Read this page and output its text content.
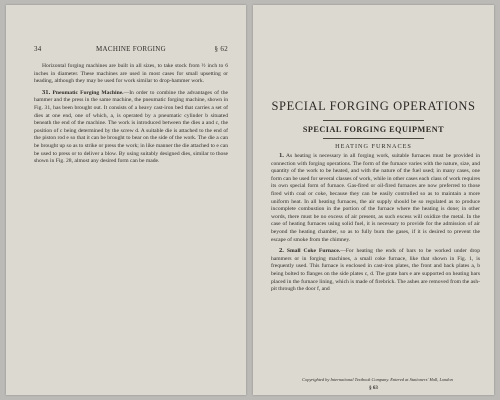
34	MACHINE FORGING	§ 62

Horizontal forging machines are built in all sizes, to take stock from ½ inch to 6 inches in diameter. These machines are used in most cases for small upsetting or heading, although they may be used for work similar to drop-hammer work.

31. Pneumatic Forging Machine.—In order to combine the advantages of the hammer and the press in the same machine, the pneumatic forging machine, shown in Fig. 31, has been brought out. It consists of a heavy cast-iron bed that carries a set of dies at one end, one of which, a, is operated by a pneumatic cylinder b situated beneath the end of the machine. The work is introduced between the dies a and c, the position of c being determined by the screw d. A suitable die is attached to the end of the piston rod e so that it can be brought to bear on the side of the work. The die a can be brought up so as to strike or press the work; in like manner the die attached to e can be used to press or to deliver a blow. By using suitably designed dies, similar to those shown in Fig. 28, almost any desired form can be made.

SPECIAL FORGING OPERATIONS
SPECIAL FORGING EQUIPMENT
HEATING FURNACES

1. As heating is necessary in all forging work, suitable furnaces must be provided in connection with forging operations. The form of the furnace varies with the nature, size, and quantity of the work to be heated, and with the nature of the fuel used; in many cases, one form can be used for several classes of work, while in other cases each class of work requires its own special form of furnace. Gas-fired or oil-fired furnaces are now preferred to those fired with coal or coke, because they can be easily controlled so as to maintain a more uniform heat. In all heating furnaces, the air supply should be so regulated as to produce incomplete combustion in the portion of the furnace where the heating is done; in other words, there must be no excess of air present, as such excess will oxidize the metal. In the case of heating furnaces using solid fuel, it is necessary to provide for the admission of air beyond the heating chamber, so as to fully burn the gases, if it is desired to prevent the escape of smoke from the chimney.

2. Small Coke Furnace.—For heating the ends of bars to be worked under drop hammers or in forging machines, a small coke furnace, like that shown in Fig. 1, is frequently used. This furnace is enclosed in cast-iron plates, the front and back plates a, b being bolted to flanges on the side plates c, d. The grate bars e are supported on heating bars placed in the furnace lining, which is made of firebrick. The ashes are removed from the ash-pit through the door f, and

Copyrighted by International Textbook Company. Entered at Stationers' Hall, London
§ 63
